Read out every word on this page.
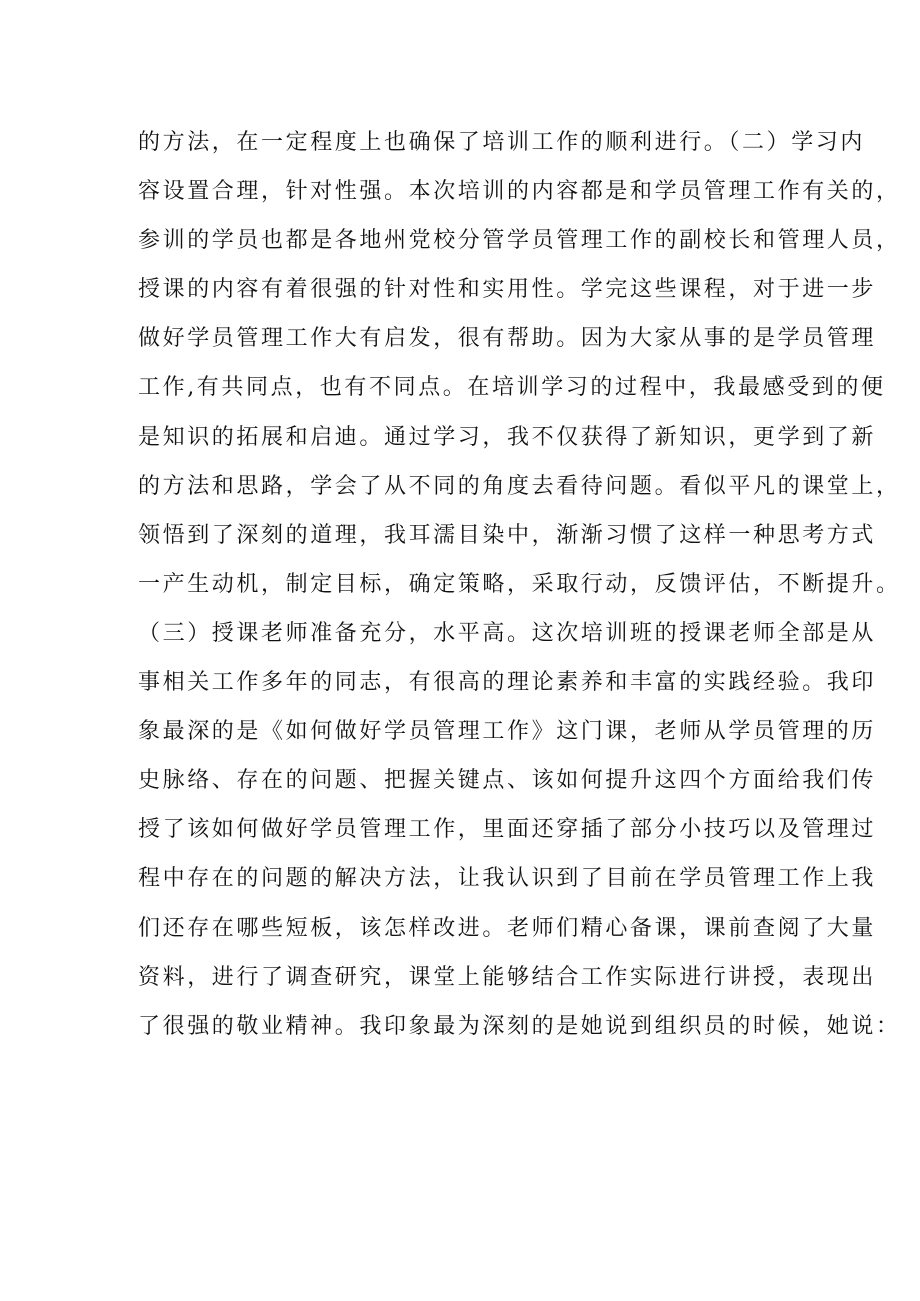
的方法，在一定程度上也确保了培训工作的顺利进行。（二）学习内
容设置合理，针对性强。本次培训的内容都是和学员管理工作有关的，
参训的学员也都是各地州党校分管学员管理工作的副校长和管理人员，
授课的内容有着很强的针对性和实用性。学完这些课程，对于进一步
做好学员管理工作大有启发，很有帮助。因为大家从事的是学员管理
工作,有共同点，也有不同点。在培训学习的过程中，我最感受到的便
是知识的拓展和启迪。通过学习，我不仅获得了新知识，更学到了新
的方法和思路，学会了从不同的角度去看待问题。看似平凡的课堂上，
领悟到了深刻的道理，我耳濡目染中，渐渐习惯了这样一种思考方式
一产生动机，制定目标，确定策略，采取行动，反馈评估，不断提升。
（三）授课老师准备充分，水平高。这次培训班的授课老师全部是从
事相关工作多年的同志，有很高的理论素养和丰富的实践经验。我印
象最深的是《如何做好学员管理工作》这门课，老师从学员管理的历
史脉络、存在的问题、把握关键点、该如何提升这四个方面给我们传
授了该如何做好学员管理工作，里面还穿插了部分小技巧以及管理过
程中存在的问题的解决方法，让我认识到了目前在学员管理工作上我
们还存在哪些短板，该怎样改进。老师们精心备课，课前查阅了大量
资料，进行了调查研究，课堂上能够结合工作实际进行讲授，表现出
了很强的敬业精神。我印象最为深刻的是她说到组织员的时候，她说：
